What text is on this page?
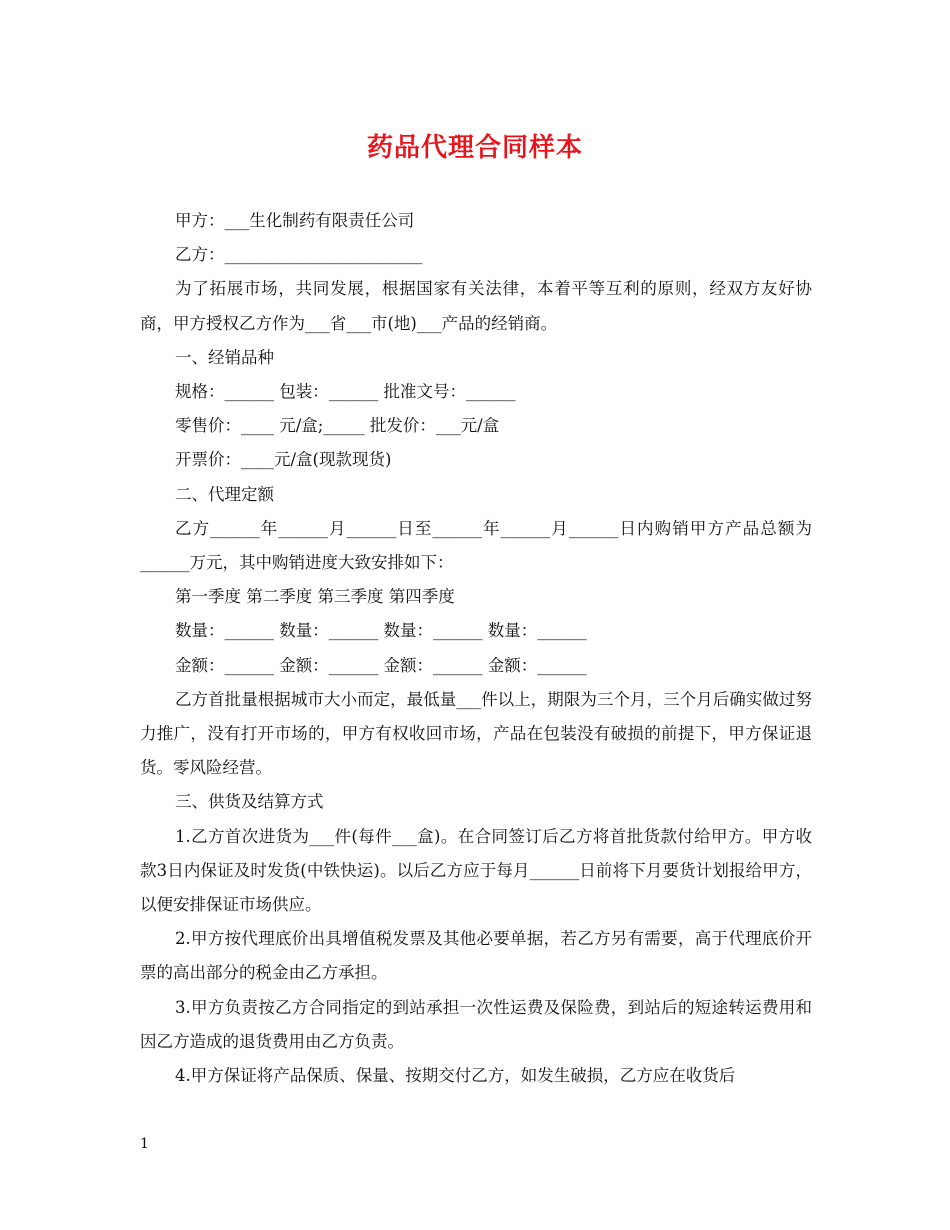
药品代理合同样本

甲方：___生化制药有限责任公司

乙方：________________________

为了拓展市场，共同发展，根据国家有关法律，本着平等互利的原则，经双方友好协商，甲方授权乙方作为___省___市(地)___产品的经销商。

一、经销品种

规格：______ 包装：______ 批准文号：______

零售价：____ 元/盒;_____ 批发价：___元/盒

开票价：____元/盒(现款现货)

二、代理定额

乙方______年______月______日至______年______月______日内购销甲方产品总额为______万元，其中购销进度大致安排如下：

第一季度 第二季度 第三季度 第四季度

数量：______ 数量：______ 数量：______ 数量：______

金额：______ 金额：______ 金额：______ 金额：______

乙方首批量根据城市大小而定，最低量___件以上，期限为三个月，三个月后确实做过努力推广，没有打开市场的，甲方有权收回市场，产品在包装没有破损的前提下，甲方保证退货。零风险经营。

三、供货及结算方式

1.乙方首次进货为___件(每件___盒)。在合同签订后乙方将首批货款付给甲方。甲方收款3日内保证及时发货(中铁快运)。以后乙方应于每月______日前将下月要货计划报给甲方，以便安排保证市场供应。

2.甲方按代理底价出具增值税发票及其他必要单据，若乙方另有需要，高于代理底价开票的高出部分的税金由乙方承担。

3.甲方负责按乙方合同指定的到站承担一次性运费及保险费，到站后的短途转运费用和因乙方造成的退货费用由乙方负责。

4.甲方保证将产品保质、保量、按期交付乙方，如发生破损，乙方应在收货后

1
